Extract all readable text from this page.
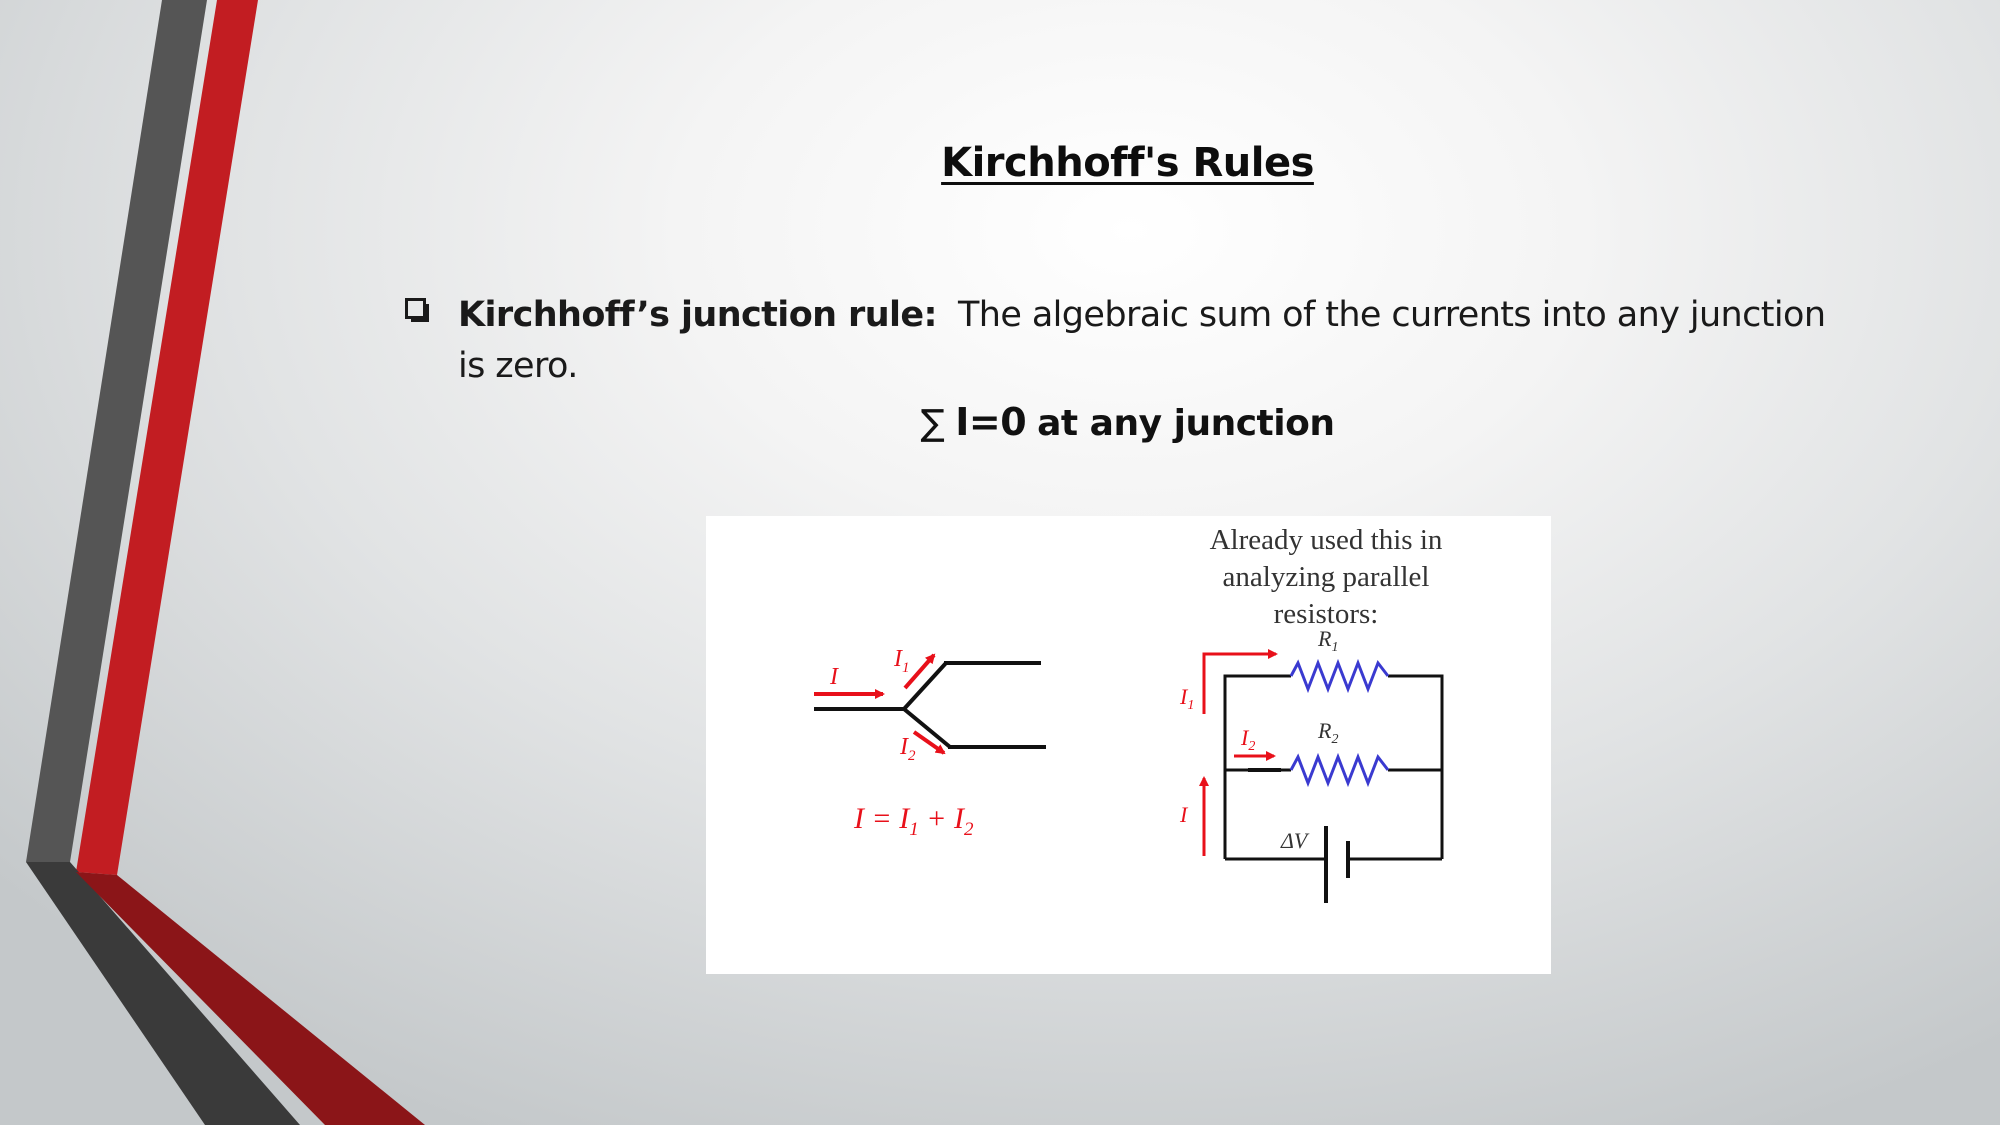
Kirchhoff's Rules
Kirchhoff’s junction rule: The algebraic sum of the currents into any junction is zero.
∑ I=0 at any junction
I
$I_1$
$I_2$
$I = I_1 + I_2$
$R_1$
$R_2$
$I_1$
$I_2$
I
ΔV
Already used this in analyzing parallel resistors:
